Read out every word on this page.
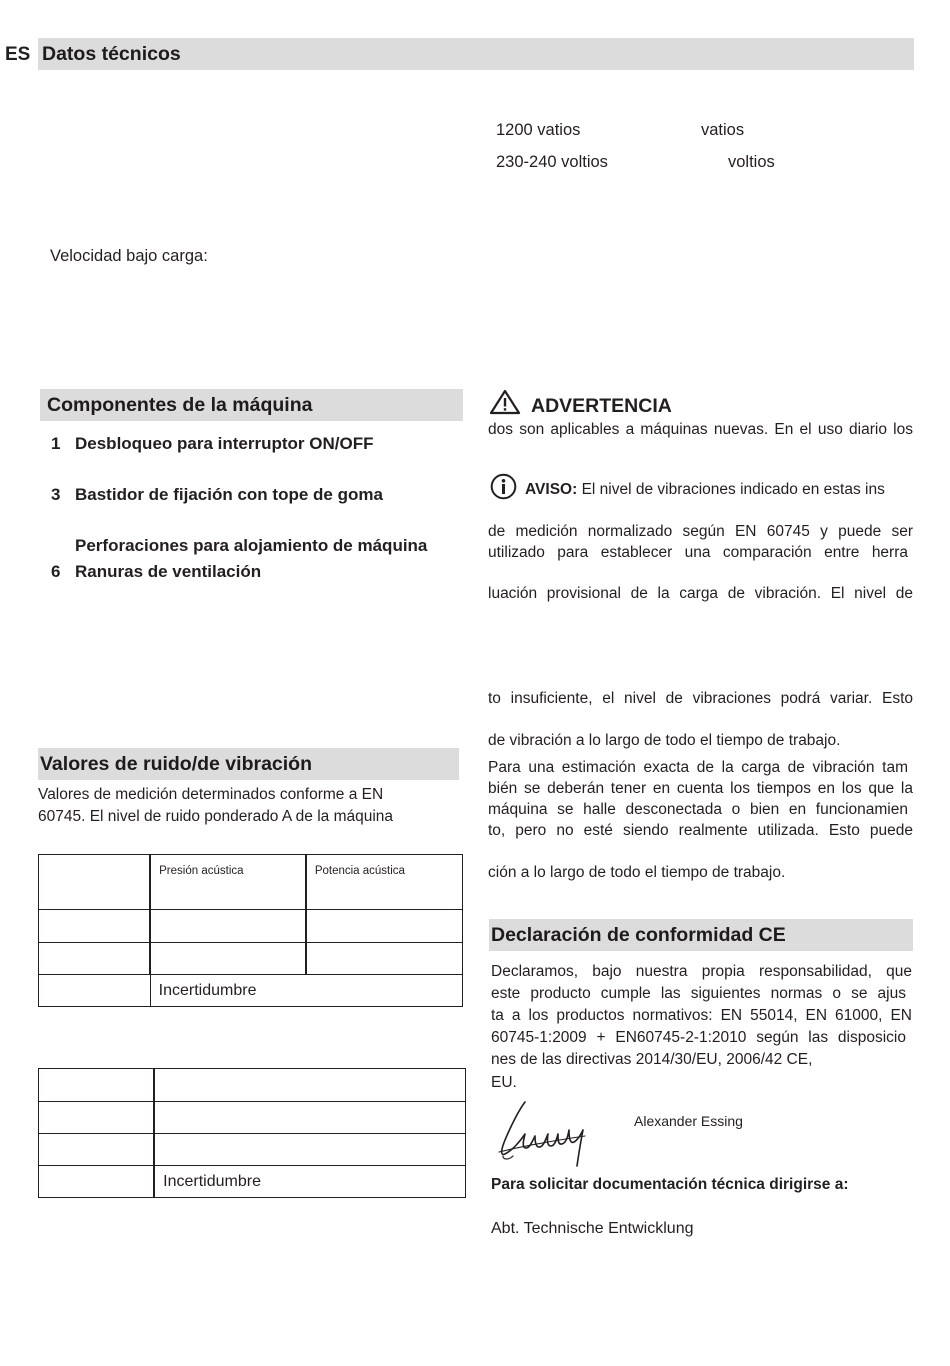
ES Datos técnicos
1200 vatios	vatios
230-240 voltios	voltios
Velocidad bajo carga:
Componentes de la máquina
1 Desbloqueo para interruptor ON/OFF
3 Bastidor de fijación con tope de goma
Perforaciones para alojamiento de máquina
6 Ranuras de ventilación
ADVERTENCIA
dos son aplicables a máquinas nuevas. En el uso diario los
AVISO: El nivel de vibraciones indicado en estas ins
de medición normalizado según EN 60745 y puede ser
utilizado para establecer una comparación entre herra
luación provisional de la carga de vibración. El nivel de
to insuficiente, el nivel de vibraciones podrá variar. Esto
de vibración a lo largo de todo el tiempo de trabajo.
Para una estimación exacta de la carga de vibración tam
bién se deberán tener en cuenta los tiempos en los que la
máquina se halle desconectada o bien en funcionamien
to, pero no esté siendo realmente utilizada. Esto puede
ción a lo largo de todo el tiempo de trabajo.
Valores de ruido/de vibración
Valores de medición determinados conforme a EN
60745. El nivel de ruido ponderado A de la máquina

	Presión acústica	Potencia acústica

	Incertidumbre	

	Incertidumbre
Declaración de conformidad CE
Declaramos, bajo nuestra propia responsabilidad, que
este producto cumple las siguientes normas o se ajus
ta a los productos normativos: EN 55014, EN 61000, EN
60745-1:2009 + EN60745-2-1:2010 según las disposicio
nes de las directivas 2014/30/EU, 2006/42 CE,
EU.
Alexander Essing
Para solicitar documentación técnica dirigirse a:
Abt. Technische Entwicklung
